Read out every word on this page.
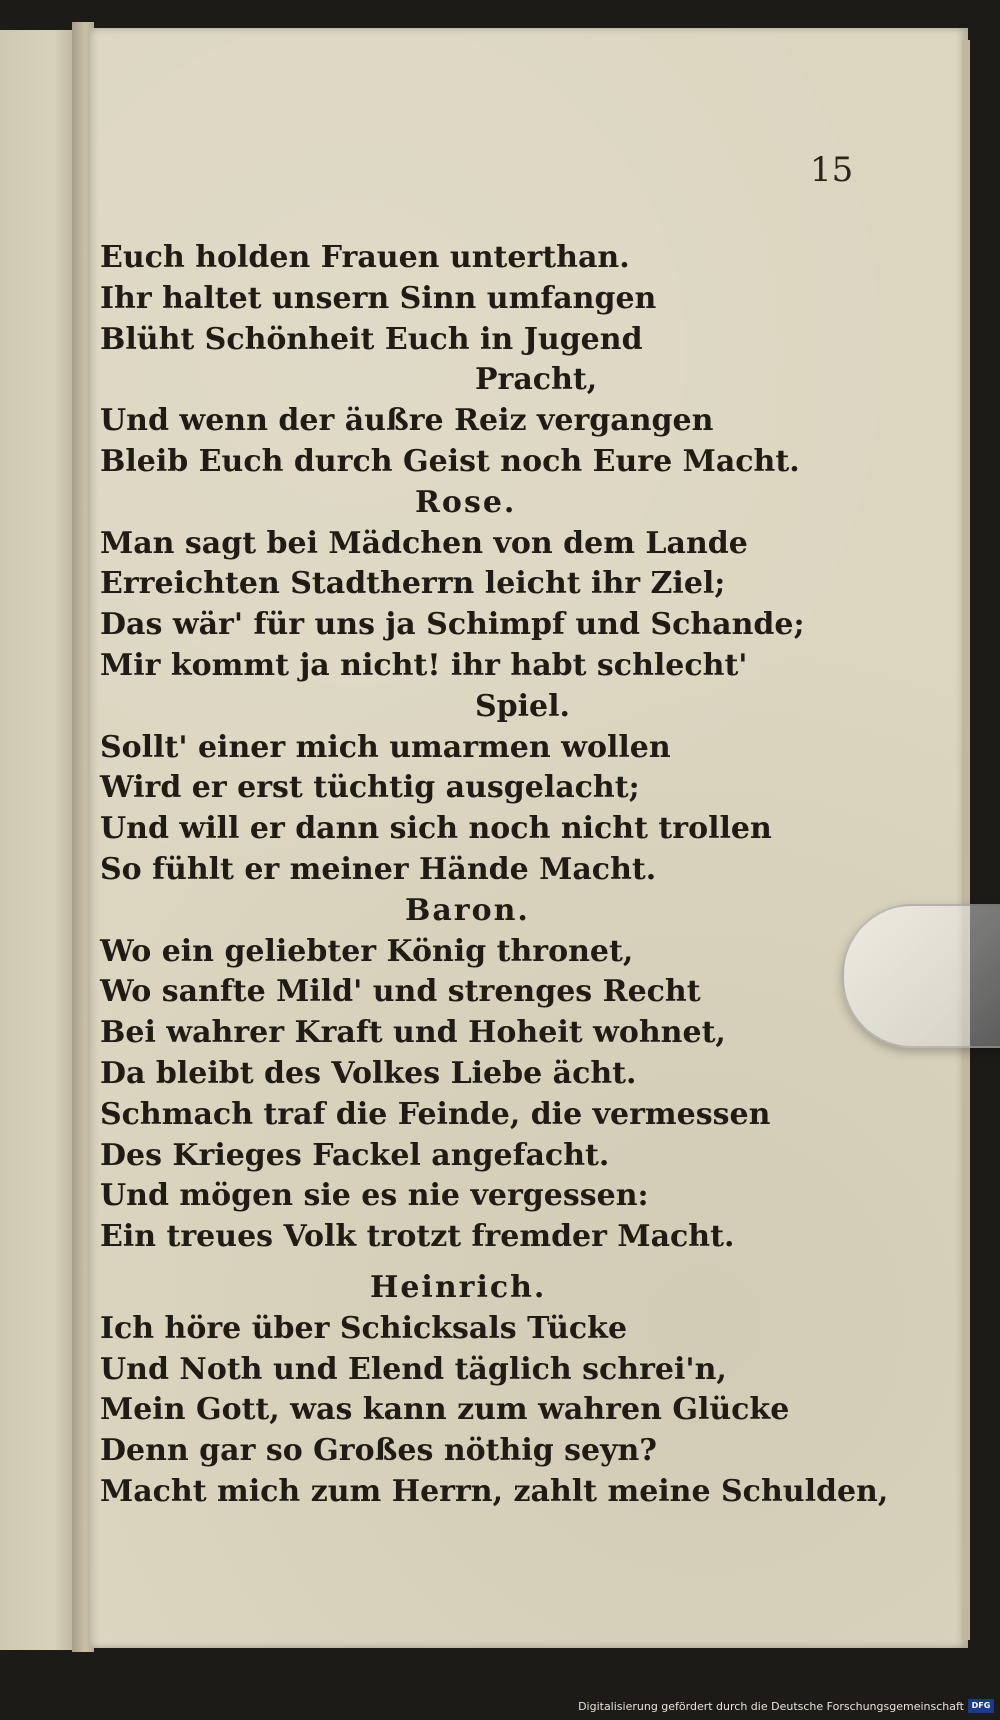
15
Euch holden Frauen unterthan.
Ihr haltet unsern Sinn umfangen
Blüht Schönheit Euch in Jugend
Pracht,
Und wenn der äußre Reiz vergangen
Bleib Euch durch Geist noch Eure Macht.
Rose.
Man sagt bei Mädchen von dem Lande
Erreichten Stadtherrn leicht ihr Ziel;
Das wär' für uns ja Schimpf und Schande;
Mir kommt ja nicht! ihr habt schlecht'
Spiel.
Sollt' einer mich umarmen wollen
Wird er erst tüchtig ausgelacht;
Und will er dann sich noch nicht trollen
So fühlt er meiner Hände Macht.
Baron.
Wo ein geliebter König thronet,
Wo sanfte Mild' und strenges Recht
Bei wahrer Kraft und Hoheit wohnet,
Da bleibt des Volkes Liebe ächt.
Schmach traf die Feinde, die vermessen
Des Krieges Fackel angefacht.
Und mögen sie es nie vergessen:
Ein treues Volk trotzt fremder Macht.
Heinrich.
Ich höre über Schicksals Tücke
Und Noth und Elend täglich schrei'n,
Mein Gott, was kann zum wahren Glücke
Denn gar so Großes nöthig seyn?
Macht mich zum Herrn, zahlt meine Schulden,
Digitalisierung gefördert durch die Deutsche Forschungsgemeinschaft DFG
